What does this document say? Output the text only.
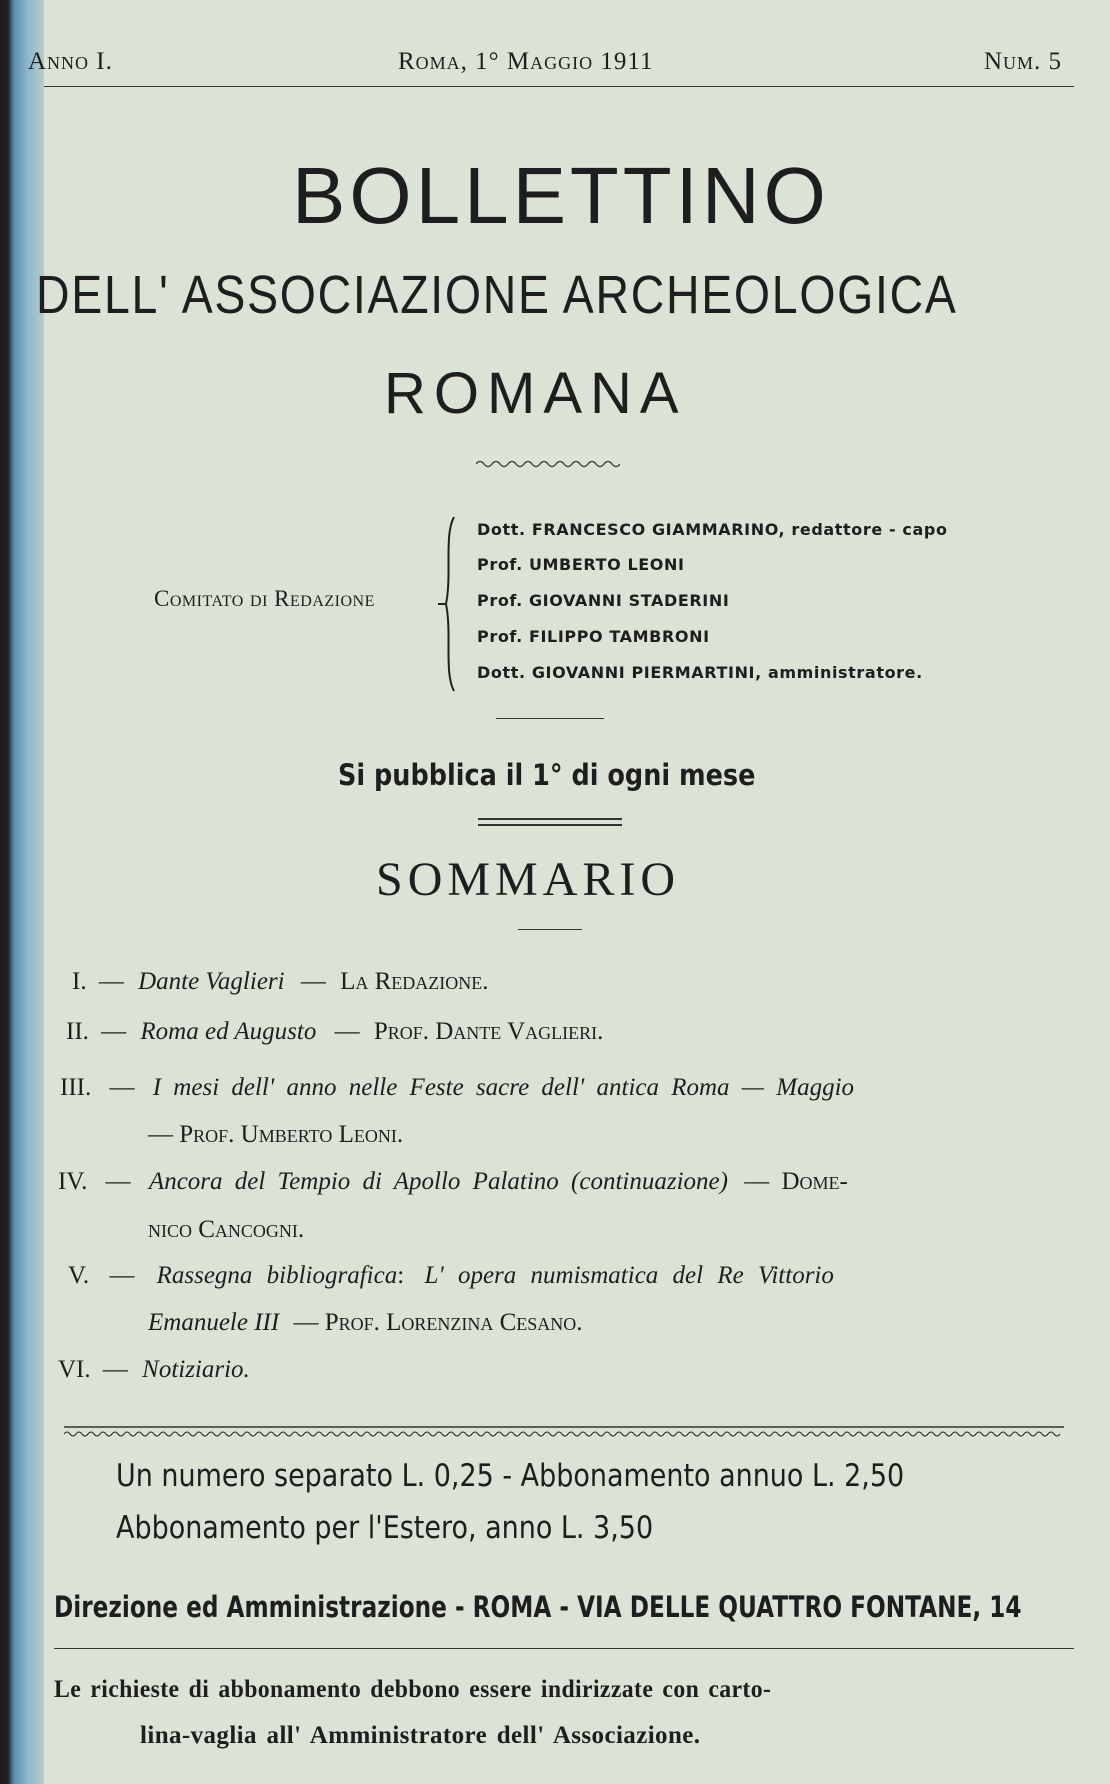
Anno I.	Roma, 1° Maggio 1911	Num. 5

BOLLETTINO

DELL' ASSOCIAZIONE ARCHEOLOGICA

ROMANA

Comitato di Redazione

Dott. FRANCESCO GIAMMARINO, redattore - capo

Prof. UMBERTO LEONI

Prof. GIOVANNI STADERINI

Prof. FILIPPO TAMBRONI

Dott. GIOVANNI PIERMARTINI, amministratore.

Si pubblica il 1° di ogni mese

SOMMARIO

I. — Dante Vaglieri — La Redazione.

II. — Roma ed Augusto — Prof. Dante Vaglieri.

III. — I mesi dell' anno nelle Feste sacre dell' antica Roma — Maggio

— Prof. Umberto Leoni.

IV. — Ancora del Tempio di Apollo Palatino (continuazione) — Dome-

nico Cancogni.

V. — Rassegna bibliografica: L' opera numismatica del Re Vittorio

Emanuele III — Prof. Lorenzina Cesano.

VI. — Notiziario.

Un numero separato L. 0,25 - Abbonamento annuo L. 2,50

Abbonamento per l'Estero, anno L. 3,50

Direzione ed Amministrazione - ROMA - VIA DELLE QUATTRO FONTANE, 14

Le richieste di abbonamento debbono essere indirizzate con carto-

lina-vaglia all' Amministratore dell' Associazione.
